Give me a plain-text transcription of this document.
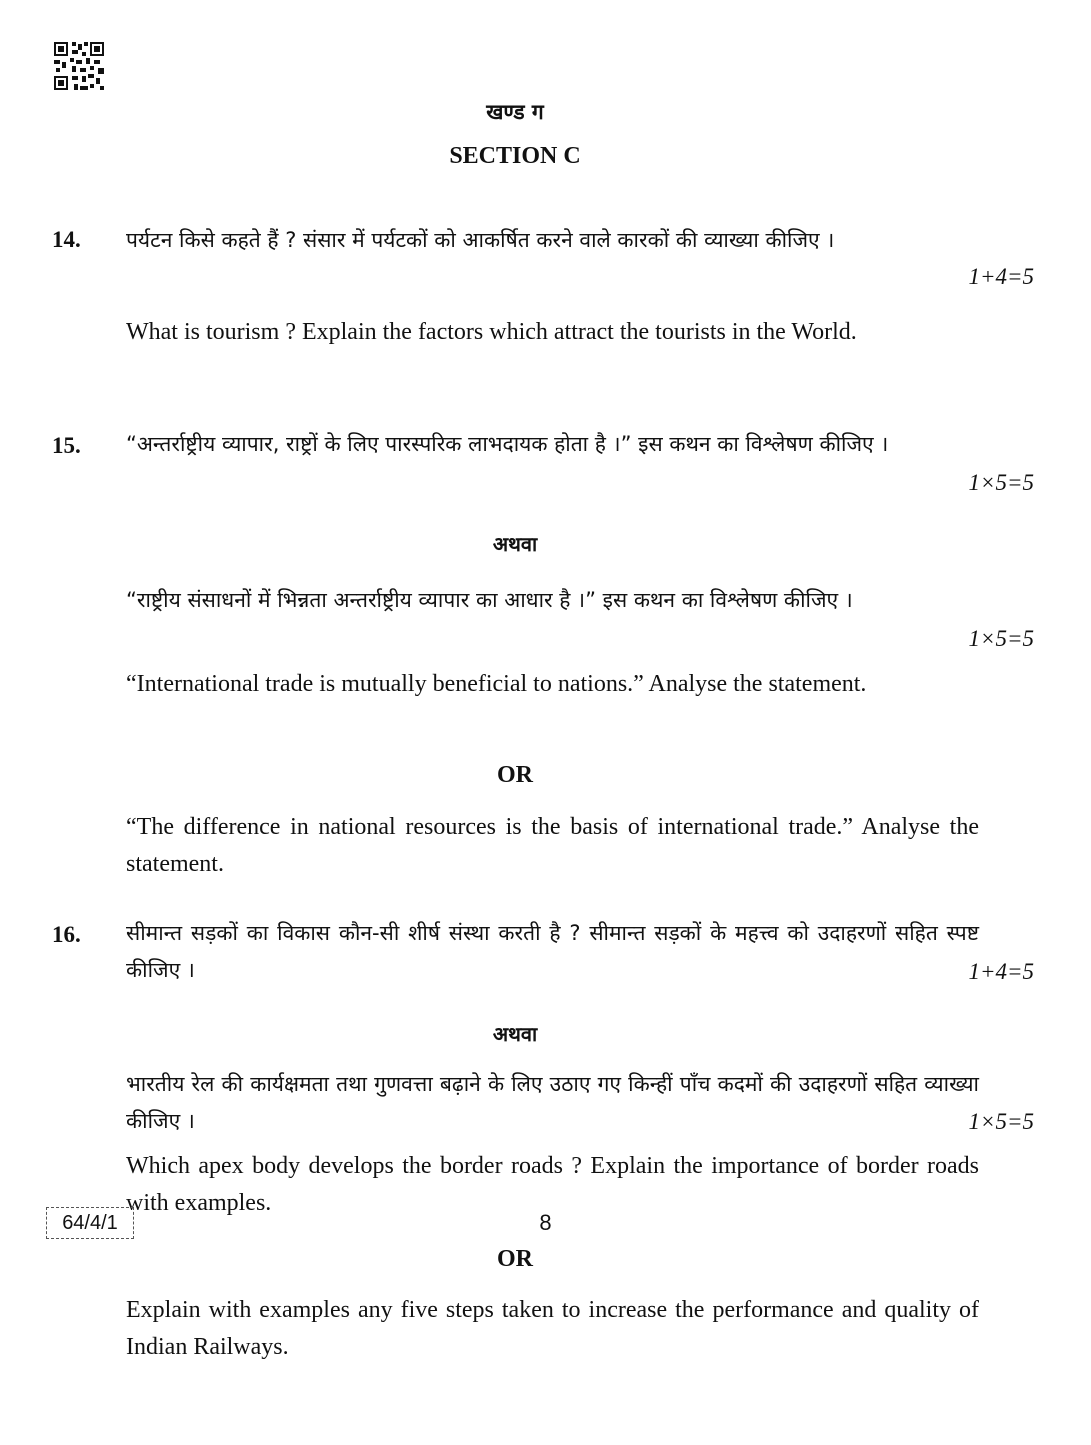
खण्ड ग
SECTION C
14. पर्यटन किसे कहते हैं ? संसार में पर्यटकों को आकर्षित करने वाले कारकों की व्याख्या कीजिए ।
1+4=5
What is tourism ? Explain the factors which attract the tourists in the World.
15. “अन्तर्राष्ट्रीय व्यापार, राष्ट्रों के लिए पारस्परिक लाभदायक होता है ।” इस कथन का विश्लेषण कीजिए ।
1×5=5
अथवा
“राष्ट्रीय संसाधनों में भिन्नता अन्तर्राष्ट्रीय व्यापार का आधार है ।” इस कथन का विश्लेषण कीजिए ।
1×5=5
“International trade is mutually beneficial to nations.” Analyse the statement.
OR
“The difference in national resources is the basis of international trade.” Analyse the statement.
16. सीमान्त सड़कों का विकास कौन-सी शीर्ष संस्था करती है ? सीमान्त सड़कों के महत्त्व को उदाहरणों सहित स्पष्ट कीजिए ।	1+4=5
अथवा
भारतीय रेल की कार्यक्षमता तथा गुणवत्ता बढ़ाने के लिए उठाए गए किन्हीं पाँच कदमों की उदाहरणों सहित व्याख्या कीजिए ।	1×5=5
Which apex body develops the border roads ? Explain the importance of border roads with examples.
OR
Explain with examples any five steps taken to increase the performance and quality of Indian Railways.
64/4/1	8
